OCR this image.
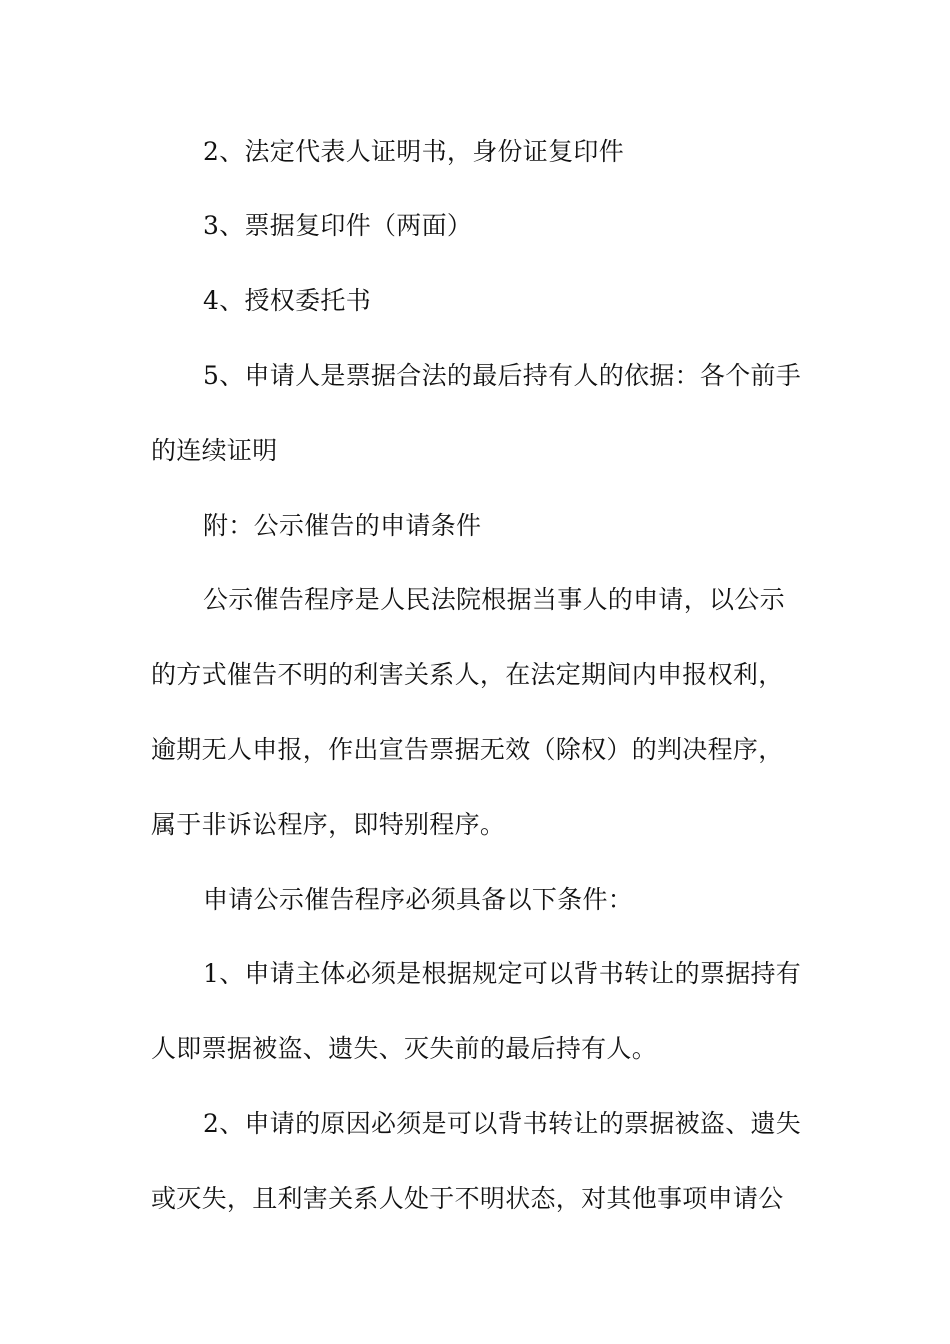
2、法定代表人证明书，身份证复印件

3、票据复印件（两面）

4、授权委托书

5、申请人是票据合法的最后持有人的依据：各个前手

的连续证明

附：公示催告的申请条件

公示催告程序是人民法院根据当事人的申请，以公示

的方式催告不明的利害关系人，在法定期间内申报权利，

逾期无人申报，作出宣告票据无效（除权）的判决程序，

属于非诉讼程序，即特别程序。

申请公示催告程序必须具备以下条件：

1、申请主体必须是根据规定可以背书转让的票据持有

人即票据被盗、遗失、灭失前的最后持有人。

2、申请的原因必须是可以背书转让的票据被盗、遗失

或灭失，且利害关系人处于不明状态，对其他事项申请公
